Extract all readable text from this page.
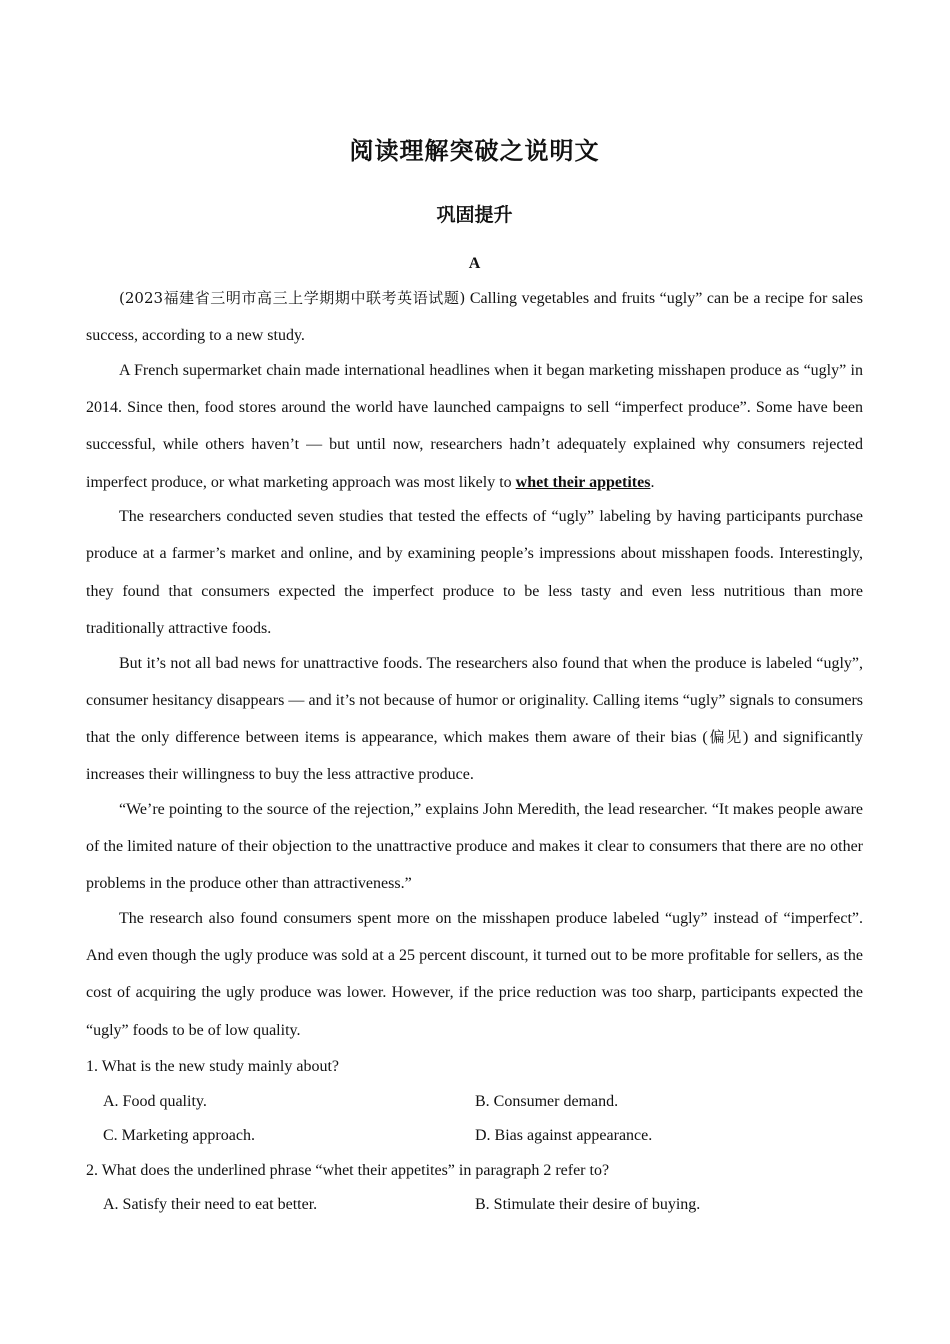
阅读理解突破之说明文
巩固提升
A

(2023福建省三明市高三上学期期中联考英语试题) Calling vegetables and fruits “ugly” can be a recipe for sales success, according to a new study.

A French supermarket chain made international headlines when it began marketing misshapen produce as “ugly” in 2014. Since then, food stores around the world have launched campaigns to sell “imperfect produce”. Some have been successful, while others haven’t — but until now, researchers hadn’t adequately explained why consumers rejected imperfect produce, or what marketing approach was most likely to whet their appetites.

The researchers conducted seven studies that tested the effects of “ugly” labeling by having participants purchase produce at a farmer’s market and online, and by examining people’s impressions about misshapen foods. Interestingly, they found that consumers expected the imperfect produce to be less tasty and even less nutritious than more traditionally attractive foods.

But it’s not all bad news for unattractive foods. The researchers also found that when the produce is labeled “ugly”, consumer hesitancy disappears — and it’s not because of humor or originality. Calling items “ugly” signals to consumers that the only difference between items is appearance, which makes them aware of their bias (偏见) and significantly increases their willingness to buy the less attractive produce.

“We’re pointing to the source of the rejection,” explains John Meredith, the lead researcher. “It makes people aware of the limited nature of their objection to the unattractive produce and makes it clear to consumers that there are no other problems in the produce other than attractiveness.”

The research also found consumers spent more on the misshapen produce labeled “ugly” instead of “imperfect”. And even though the ugly produce was sold at a 25 percent discount, it turned out to be more profitable for sellers, as the cost of acquiring the ugly produce was lower. However, if the price reduction was too sharp, participants expected the “ugly” foods to be of low quality.

1. What is the new study mainly about?

A. Food quality.	B. Consumer demand.
C. Marketing approach.	D. Bias against appearance.

2. What does the underlined phrase “whet their appetites” in paragraph 2 refer to?

A. Satisfy their need to eat better.	B. Stimulate their desire of buying.
